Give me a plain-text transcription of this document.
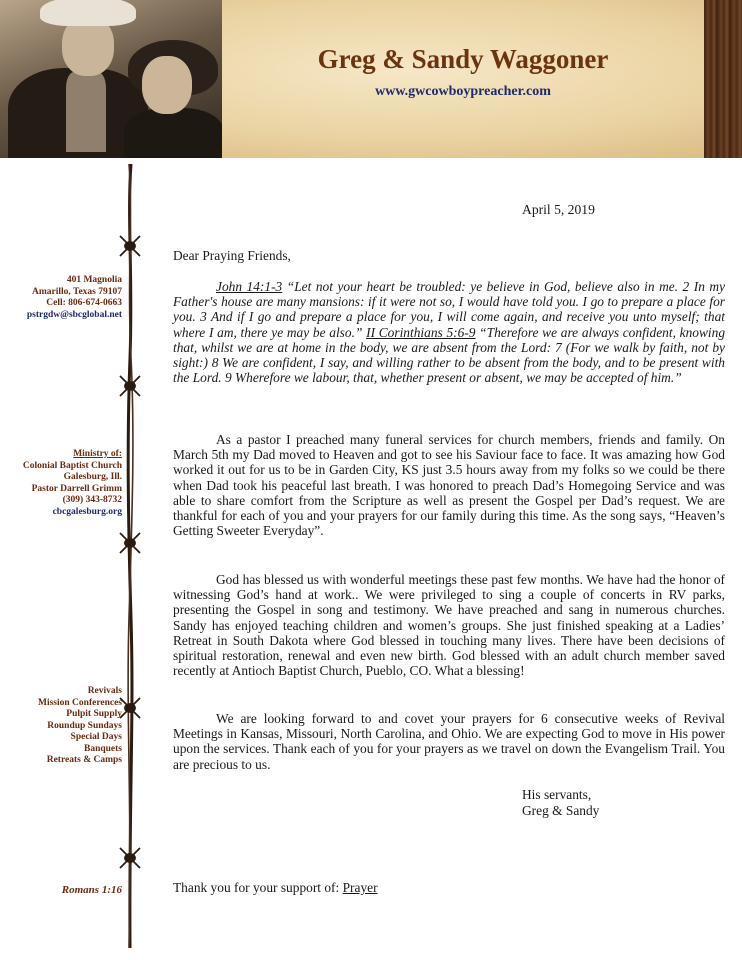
Greg & Sandy Waggoner
www.gwcowboypreacher.com
401 Magnolia
Amarillo, Texas 79107
Cell: 806-674-0663
pstrgdw@sbcglobal.net
Ministry of:
Colonial Baptist Church
Galesburg, Ill.
Pastor Darrell Grimm
(309) 343-8732
cbcgalesburg.org
Revivals
Mission Conferences
Pulpit Supply
Roundup Sundays
Special Days
Banquets
Retreats & Camps
Romans 1:16
April 5, 2019
Dear Praying Friends,
John 14:1-3 “Let not your heart be troubled: ye believe in God, believe also in me. 2 In my Father's house are many mansions: if it were not so, I would have told you. I go to prepare a place for you. 3 And if I go and prepare a place for you, I will come again, and receive you unto myself; that where I am, there ye may be also.” II Corinthians 5:6-9 “Therefore we are always confident, knowing that, whilst we are at home in the body, we are absent from the Lord: 7 (For we walk by faith, not by sight:) 8 We are confident, I say, and willing rather to be absent from the body, and to be present with the Lord. 9 Wherefore we labour, that, whether present or absent, we may be accepted of him.”
As a pastor I preached many funeral services for church members, friends and family. On March 5th my Dad moved to Heaven and got to see his Saviour face to face. It was amazing how God worked it out for us to be in Garden City, KS just 3.5 hours away from my folks so we could be there when Dad took his peaceful last breath. I was honored to preach Dad’s Homegoing Service and was able to share comfort from the Scripture as well as present the Gospel per Dad’s request. We are thankful for each of you and your prayers for our family during this time. As the song says, “Heaven’s Getting Sweeter Everyday”.
God has blessed us with wonderful meetings these past few months. We have had the honor of witnessing God’s hand at work.. We were privileged to sing a couple of concerts in RV parks, presenting the Gospel in song and testimony. We have preached and sang in numerous churches. Sandy has enjoyed teaching children and women’s groups. She just finished speaking at a Ladies’ Retreat in South Dakota where God blessed in touching many lives. There have been decisions of spiritual restoration, renewal and even new birth. God blessed with an adult church member saved recently at Antioch Baptist Church, Pueblo, CO. What a blessing!
We are looking forward to and covet your prayers for 6 consecutive weeks of Revival Meetings in Kansas, Missouri, North Carolina, and Ohio. We are expecting God to move in His power upon the services. Thank each of you for your prayers as we travel on down the Evangelism Trail. You are precious to us.
His servants,
Greg & Sandy
Thank you for your support of: Prayer
